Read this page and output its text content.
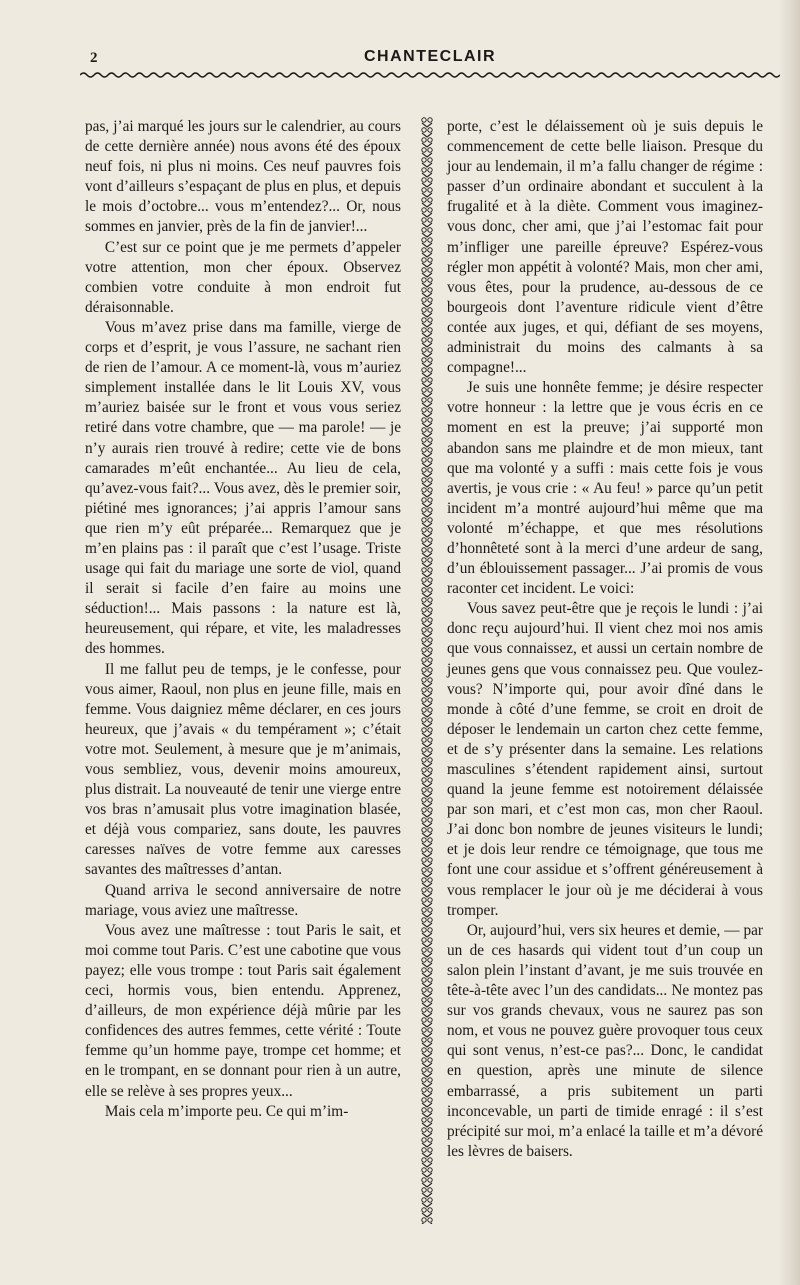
2	CHANTECLAIR

pas, j’ai marqué les jours sur le calendrier, au cours de cette dernière année) nous avons été des époux neuf fois, ni plus ni moins. Ces neuf pauvres fois vont d’ailleurs s’espaçant de plus en plus, et depuis le mois d’octobre... vous m’entendez?... Or, nous sommes en janvier, près de la fin de janvier!...

C’est sur ce point que je me permets d’appeler votre attention, mon cher époux. Observez combien votre conduite à mon endroit fut déraisonnable.

Vous m’avez prise dans ma famille, vierge de corps et d’esprit, je vous l’assure, ne sachant rien de rien de l’amour. A ce moment-là, vous m’auriez simplement installée dans le lit Louis XV, vous m’auriez baisée sur le front et vous vous seriez retiré dans votre chambre, que — ma parole! — je n’y aurais rien trouvé à redire; cette vie de bons camarades m’eût enchantée... Au lieu de cela, qu’avez-vous fait?... Vous avez, dès le premier soir, piétiné mes ignorances; j’ai appris l’amour sans que rien m’y eût préparée... Remarquez que je m’en plains pas : il paraît que c’est l’usage. Triste usage qui fait du mariage une sorte de viol, quand il serait si facile d’en faire au moins une séduction!... Mais passons : la nature est là, heureusement, qui répare, et vite, les maladresses des hommes.

Il me fallut peu de temps, je le confesse, pour vous aimer, Raoul, non plus en jeune fille, mais en femme. Vous daigniez même déclarer, en ces jours heureux, que j’avais « du tempérament »; c’était votre mot. Seulement, à mesure que je m’animais, vous sembliez, vous, devenir moins amoureux, plus distrait. La nouveauté de tenir une vierge entre vos bras n’amusait plus votre imagination blasée, et déjà vous compariez, sans doute, les pauvres caresses naïves de votre femme aux caresses savantes des maîtresses d’antan.

Quand arriva le second anniversaire de notre mariage, vous aviez une maîtresse.

Vous avez une maîtresse : tout Paris le sait, et moi comme tout Paris. C’est une cabotine que vous payez; elle vous trompe : tout Paris sait également ceci, hormis vous, bien entendu. Apprenez, d’ailleurs, de mon expérience déjà mûrie par les confidences des autres femmes, cette vérité : Toute femme qu’un homme paye, trompe cet homme; et en le trompant, en se donnant pour rien à un autre, elle se relève à ses propres yeux...

Mais cela m’importe peu. Ce qui m’im-

porte, c’est le délaissement où je suis depuis le commencement de cette belle liaison. Presque du jour au lendemain, il m’a fallu changer de régime : passer d’un ordinaire abondant et succulent à la frugalité et à la diète. Comment vous imaginez-vous donc, cher ami, que j’ai l’estomac fait pour m’infliger une pareille épreuve? Espérez-vous régler mon appétit à volonté? Mais, mon cher ami, vous êtes, pour la prudence, au-dessous de ce bourgeois dont l’aventure ridicule vient d’être contée aux juges, et qui, défiant de ses moyens, administrait du moins des calmants à sa compagne!...

Je suis une honnête femme; je désire respecter votre honneur : la lettre que je vous écris en ce moment en est la preuve; j’ai supporté mon abandon sans me plaindre et de mon mieux, tant que ma volonté y a suffi : mais cette fois je vous avertis, je vous crie : « Au feu! » parce qu’un petit incident m’a montré aujourd’hui même que ma volonté m’échappe, et que mes résolutions d’honnêteté sont à la merci d’une ardeur de sang, d’un éblouissement passager... J’ai promis de vous raconter cet incident. Le voici:

Vous savez peut-être que je reçois le lundi : j’ai donc reçu aujourd’hui. Il vient chez moi nos amis que vous connaissez, et aussi un certain nombre de jeunes gens que vous connaissez peu. Que voulez-vous? N’importe qui, pour avoir dîné dans le monde à côté d’une femme, se croit en droit de déposer le lendemain un carton chez cette femme, et de s’y présenter dans la semaine. Les relations masculines s’étendent rapidement ainsi, surtout quand la jeune femme est notoirement délaissée par son mari, et c’est mon cas, mon cher Raoul. J’ai donc bon nombre de jeunes visiteurs le lundi; et je dois leur rendre ce témoignage, que tous me font une cour assidue et s’offrent généreusement à vous remplacer le jour où je me déciderai à vous tromper.

Or, aujourd’hui, vers six heures et demie, — par un de ces hasards qui vident tout d’un coup un salon plein l’instant d’avant, je me suis trouvée en tête-à-tête avec l’un des candidats... Ne montez pas sur vos grands chevaux, vous ne saurez pas son nom, et vous ne pouvez guère provoquer tous ceux qui sont venus, n’est-ce pas?... Donc, le candidat en question, après une minute de silence embarrassé, a pris subitement un parti inconcevable, un parti de timide enragé : il s’est précipité sur moi, m’a enlacé la taille et m’a dévoré les lèvres de baisers.
